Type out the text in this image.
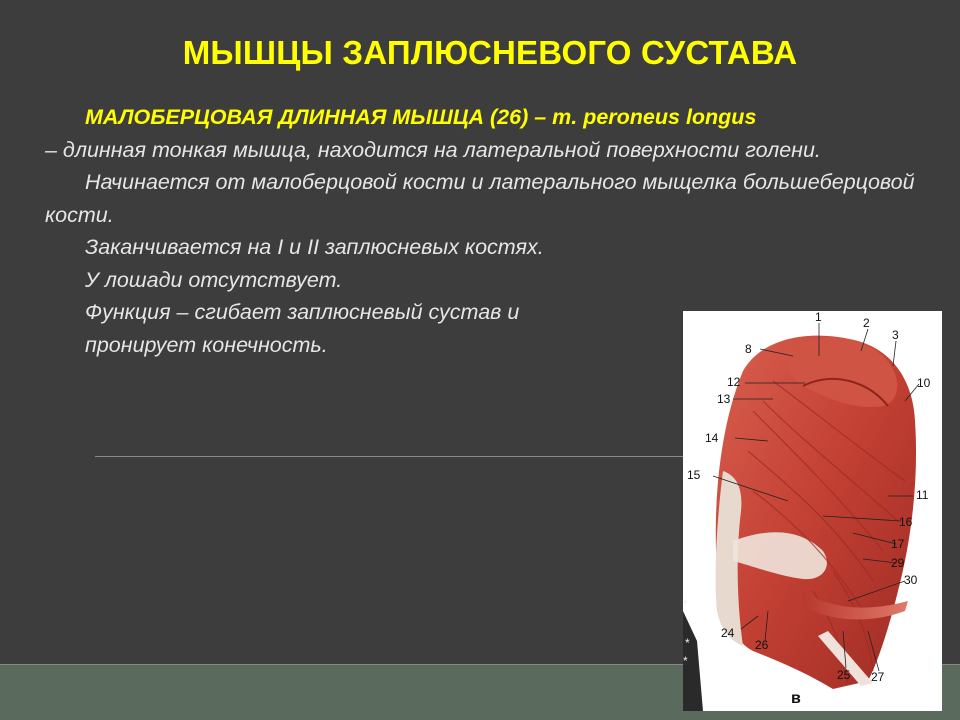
МЫШЦЫ ЗАПЛЮСНЕВОГО СУСТАВА

МАЛОБЕРЦОВАЯ ДЛИННАЯ МЫШЦА (26) – m. peroneus longus
– длинная тонкая мышца, находится на латеральной поверхности голени.

Начинается от малоберцовой кости и латерального мыщелка большеберцовой кости.

Заканчивается на I и II заплюсневых костях.

У лошади отсутствует.

Функция – сгибает заплюсневый сустав и

пронирует конечность.

1	2
3
8
10
12
13
14
15
11
16
17
29
30
24
26
25 27
*
*
*
в
